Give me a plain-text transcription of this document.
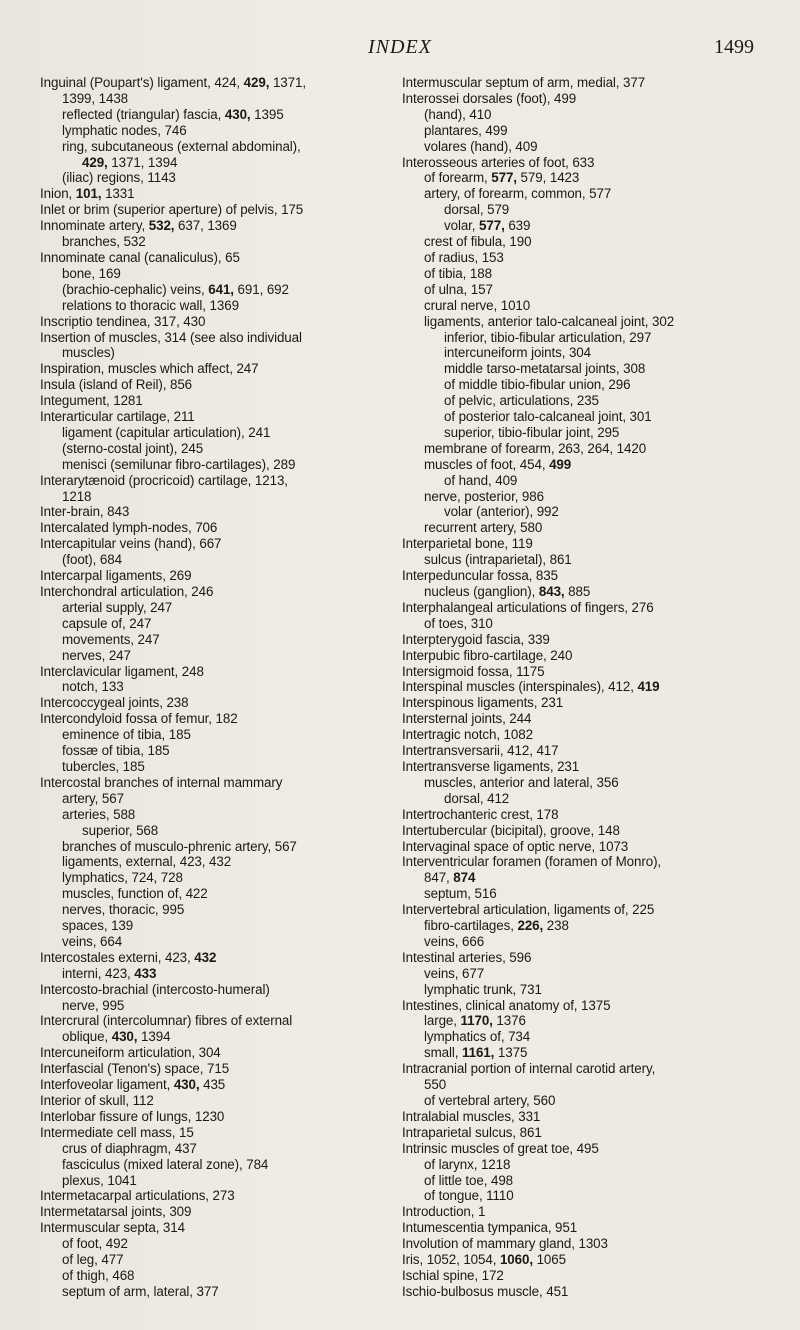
INDEX	1499
Inguinal (Poupart's) ligament, 424, 429, 1371,
1399, 1438
reflected (triangular) fascia, 430, 1395
lymphatic nodes, 746
ring, subcutaneous (external abdominal),
429, 1371, 1394
(iliac) regions, 1143
Inion, 101, 1331
Inlet or brim (superior aperture) of pelvis, 175
Innominate artery, 532, 637, 1369
branches, 532
Innominate canal (canaliculus), 65
bone, 169
(brachio-cephalic) veins, 641, 691, 692
relations to thoracic wall, 1369
Inscriptio tendinea, 317, 430
Insertion of muscles, 314 (see also individual
muscles)
Inspiration, muscles which affect, 247
Insula (island of Reil), 856
Integument, 1281
Interarticular cartilage, 211
ligament (capitular articulation), 241
(sterno-costal joint), 245
menisci (semilunar fibro-cartilages), 289
Interarytænoid (procricoid) cartilage, 1213,
1218
Inter-brain, 843
Intercalated lymph-nodes, 706
Intercapitular veins (hand), 667
(foot), 684
Intercarpal ligaments, 269
Interchondral articulation, 246
arterial supply, 247
capsule of, 247
movements, 247
nerves, 247
Interclavicular ligament, 248
notch, 133
Intercoccygeal joints, 238
Intercondyloid fossa of femur, 182
eminence of tibia, 185
fossæ of tibia, 185
tubercles, 185
Intercostal branches of internal mammary
artery, 567
arteries, 588
superior, 568
branches of musculo-phrenic artery, 567
ligaments, external, 423, 432
lymphatics, 724, 728
muscles, function of, 422
nerves, thoracic, 995
spaces, 139
veins, 664
Intercostales externi, 423, 432
interni, 423, 433
Intercosto-brachial (intercosto-humeral)
nerve, 995
Intercrural (intercolumnar) fibres of external
oblique, 430, 1394
Intercuneiform articulation, 304
Interfascial (Tenon's) space, 715
Interfoveolar ligament, 430, 435
Interior of skull, 112
Interlobar fissure of lungs, 1230
Intermediate cell mass, 15
crus of diaphragm, 437
fasciculus (mixed lateral zone), 784
plexus, 1041
Intermetacarpal articulations, 273
Intermetatarsal joints, 309
Intermuscular septa, 314
of foot, 492
of leg, 477
of thigh, 468
septum of arm, lateral, 377
Intermuscular septum of arm, medial, 377
Interossei dorsales (foot), 499
(hand), 410
plantares, 499
volares (hand), 409
Interosseous arteries of foot, 633
of forearm, 577, 579, 1423
artery, of forearm, common, 577
dorsal, 579
volar, 577, 639
crest of fibula, 190
of radius, 153
of tibia, 188
of ulna, 157
crural nerve, 1010
ligaments, anterior talo-calcaneal joint, 302
inferior, tibio-fibular articulation, 297
intercuneiform joints, 304
middle tarso-metatarsal joints, 308
of middle tibio-fibular union, 296
of pelvic, articulations, 235
of posterior talo-calcaneal joint, 301
superior, tibio-fibular joint, 295
membrane of forearm, 263, 264, 1420
muscles of foot, 454, 499
of hand, 409
nerve, posterior, 986
volar (anterior), 992
recurrent artery, 580
Interparietal bone, 119
sulcus (intraparietal), 861
Interpeduncular fossa, 835
nucleus (ganglion), 843, 885
Interphalangeal articulations of fingers, 276
of toes, 310
Interpterygoid fascia, 339
Interpubic fibro-cartilage, 240
Intersigmoid fossa, 1175
Interspinal muscles (interspinales), 412, 419
Interspinous ligaments, 231
Intersternal joints, 244
Intertragic notch, 1082
Intertransversarii, 412, 417
Intertransverse ligaments, 231
muscles, anterior and lateral, 356
dorsal, 412
Intertrochanteric crest, 178
Intertubercular (bicipital), groove, 148
Intervaginal space of optic nerve, 1073
Interventricular foramen (foramen of Monro),
847, 874
septum, 516
Intervertebral articulation, ligaments of, 225
fibro-cartilages, 226, 238
veins, 666
Intestinal arteries, 596
veins, 677
lymphatic trunk, 731
Intestines, clinical anatomy of, 1375
large, 1170, 1376
lymphatics of, 734
small, 1161, 1375
Intracranial portion of internal carotid artery,
550
of vertebral artery, 560
Intralabial muscles, 331
Intraparietal sulcus, 861
Intrinsic muscles of great toe, 495
of larynx, 1218
of little toe, 498
of tongue, 1110
Introduction, 1
Intumescentia tympanica, 951
Involution of mammary gland, 1303
Iris, 1052, 1054, 1060, 1065
Ischial spine, 172
Ischio-bulbosus muscle, 451
